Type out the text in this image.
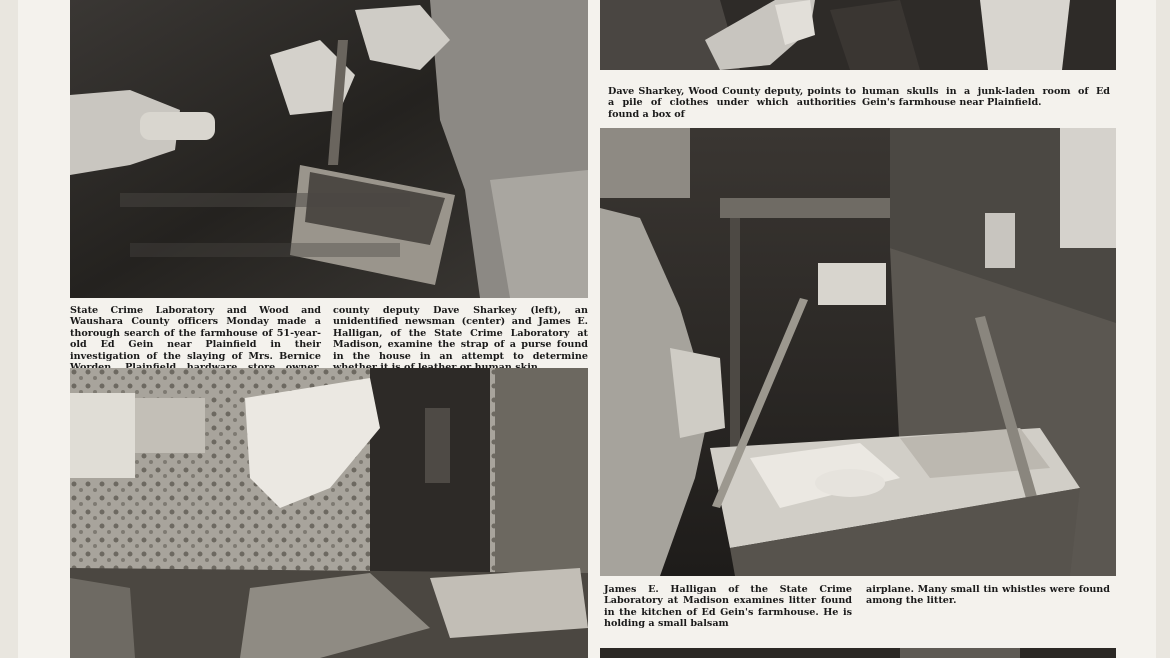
State Crime Laboratory and Wood and Waushara County officers Monday made a thorough search of the farmhouse of 51-year-old Ed Gein near Plainfield in their investigation of the slaying of Mrs. Bernice

county deputy Dave Sharkey (left), an unidentified newsman (center) and James E. Halligan, of the State Crime Laboratory at Madison, examine the strap of a purse found in the house in an attempt to determine

Dave Sharkey, Wood County deputy, points to a pile of clothes under which authorities found a box of

human skulls in a junk-laden room of Ed Gein's farmhouse near Plainfield.

James E. Halligan of the State Crime Laboratory at Madison examines litter found in the kitchen of Ed Gein's farmhouse. He is holding a small balsam

airplane. Many small tin whistles were found among the litter.
